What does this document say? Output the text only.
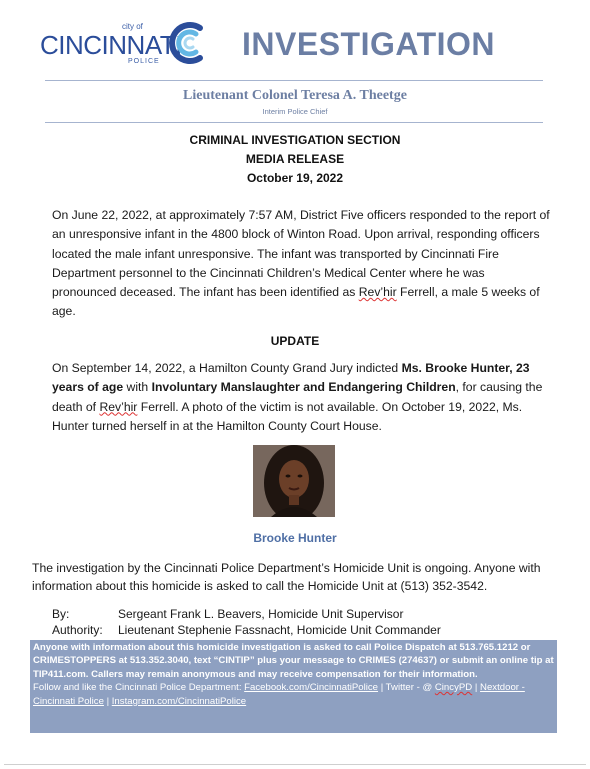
city of
CINCINNATI
POLICE	INVESTIGATION
Lieutenant Colonel Teresa A. Theetge
Interim Police Chief
CRIMINAL INVESTIGATION SECTION
MEDIA RELEASE
October 19, 2022
On June 22, 2022, at approximately 7:57 AM, District Five officers responded to the report of an unresponsive infant in the 4800 block of Winton Road. Upon arrival, responding officers located the male infant unresponsive. The infant was transported by Cincinnati Fire Department personnel to the Cincinnati Children’s Medical Center where he was pronounced deceased. The infant has been identified as Rev’hir Ferrell, a male 5 weeks of age.
UPDATE
On September 14, 2022, a Hamilton County Grand Jury indicted Ms. Brooke Hunter, 23 years of age with Involuntary Manslaughter and Endangering Children, for causing the death of Rev’hir Ferrell. A photo of the victim is not available. On October 19, 2022, Ms. Hunter turned herself in at the Hamilton County Court House.
Brooke Hunter
The investigation by the Cincinnati Police Department’s Homicide Unit is ongoing. Anyone with information about this homicide is asked to call the Homicide Unit at (513) 352-3542.
By:	Sergeant Frank L. Beavers, Homicide Unit Supervisor
Authority: Lieutenant Stephenie Fassnacht, Homicide Unit Commander
Anyone with information about this homicide investigation is asked to call Police Dispatch at 513.765.1212 or CRIMESTOPPERS at 513.352.3040, text “CINTIP” plus your message to CRIMES (274637) or submit an online tip at TIP411.com. Callers may remain anonymous and may receive compensation for their information.
Follow and like the Cincinnati Police Department: Facebook.com/CincinnatiPolice | Twitter - @ CincyPD | Nextdoor - Cincinnati Police | Instagram.com/CincinnatiPolice
